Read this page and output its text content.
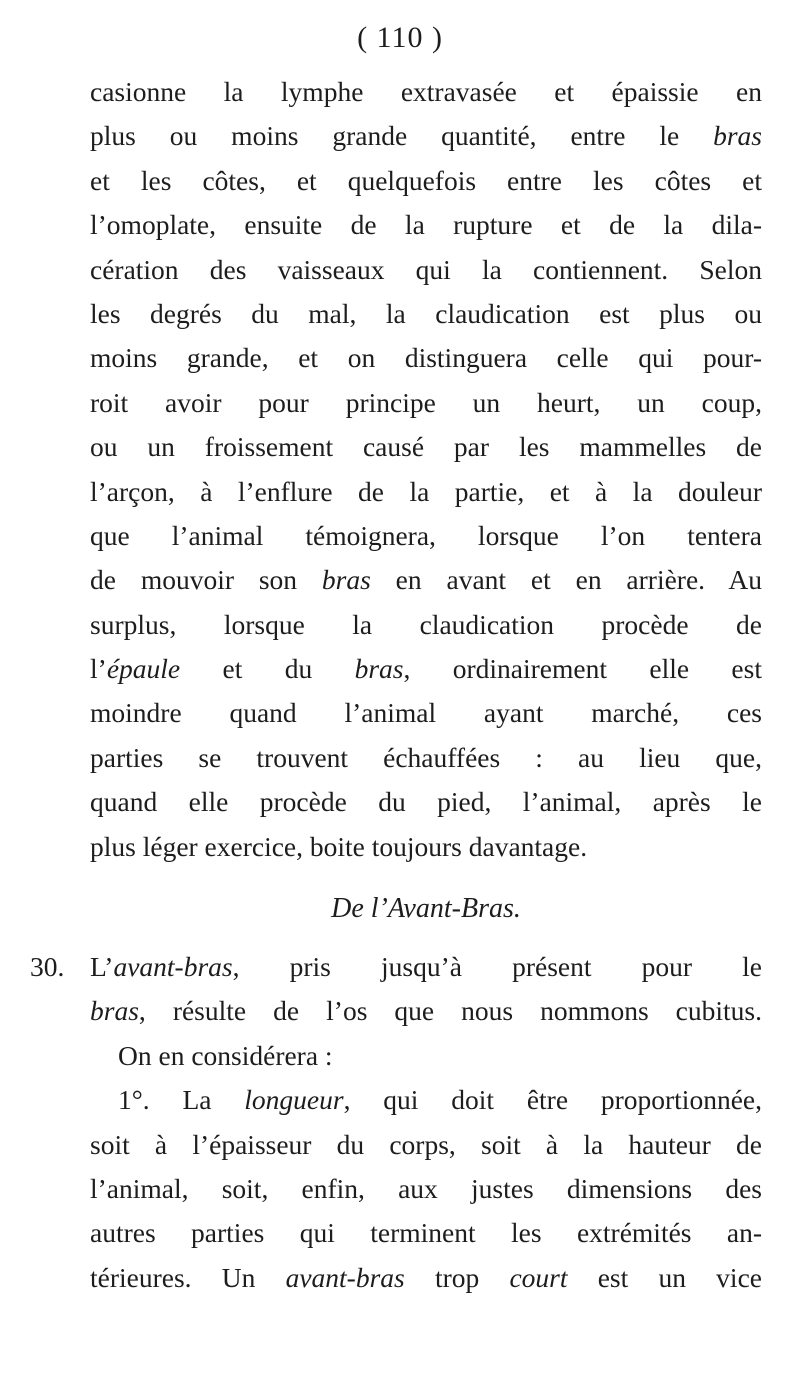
( 110 )
casionne la lymphe extravasée et épaissie en
plus ou moins grande quantité, entre le bras
et les côtes, et quelquefois entre les côtes et
l’omoplate, ensuite de la rupture et de la dila-
cération des vaisseaux qui la contiennent. Selon
les degrés du mal, la claudication est plus ou
moins grande, et on distinguera celle qui pour-
roit avoir pour principe un heurt, un coup,
ou un froissement causé par les mammelles de
l’arçon, à l’enflure de la partie, et à la douleur
que l’animal témoignera, lorsque l’on tentera
de mouvoir son bras en avant et en arrière. Au
surplus, lorsque la claudication procède de
l’épaule et du bras, ordinairement elle est
moindre quand l’animal ayant marché, ces
parties se trouvent échauffées : au lieu que,
quand elle procède du pied, l’animal, après le
plus léger exercice, boite toujours davantage.
De l’Avant-Bras.
30. L’avant-bras, pris jusqu’à présent pour le
bras, résulte de l’os que nous nommons cubitus.
On en considérera :
1°. La longueur, qui doit être proportionnée,
soit à l’épaisseur du corps, soit à la hauteur de
l’animal, soit, enfin, aux justes dimensions des
autres parties qui terminent les extrémités an-
térieures. Un avant-bras trop court est un vice
